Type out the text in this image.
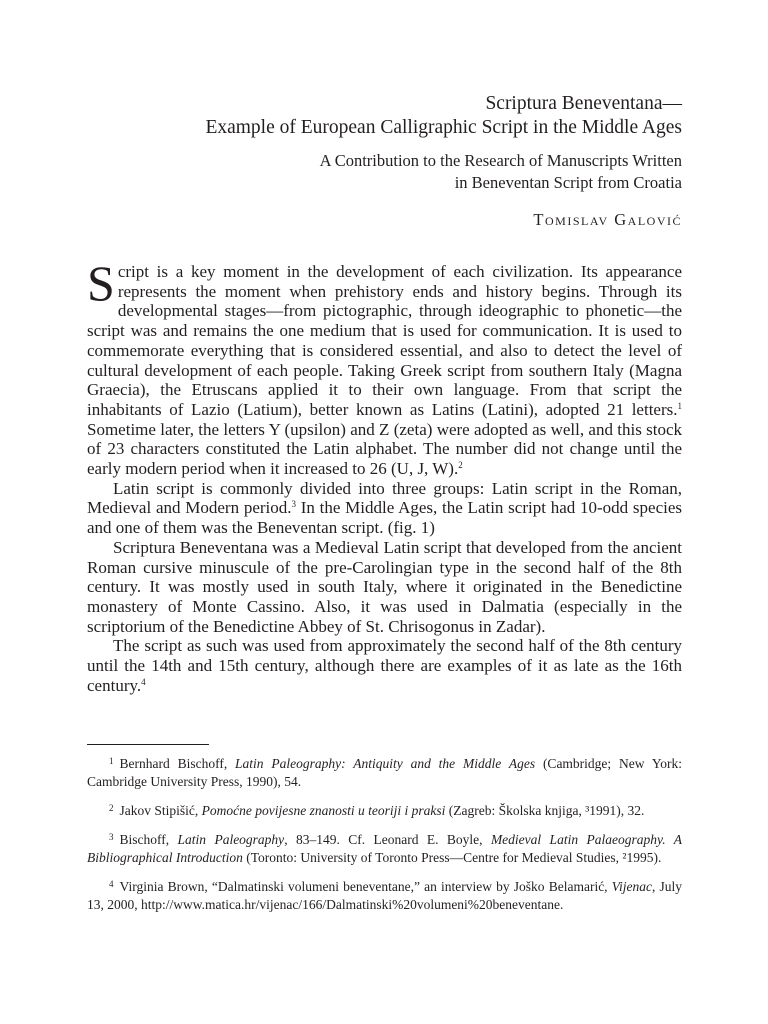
Scriptura Beneventana—
Example of European Calligraphic Script in the Middle Ages
A Contribution to the Research of Manuscripts Written
in Beneventan Script from Croatia
Tomislav Galović

Script is a key moment in the development of each civilization. Its appearance represents the moment when prehistory ends and history begins. Through its developmental stages—from pictographic, through ideographic to phonetic—the script was and remains the one medium that is used for communication. It is used to commemorate everything that is considered essential, and also to detect the level of cultural development of each people. Taking Greek script from southern Italy (Magna Graecia), the Etruscans applied it to their own language. From that script the inhabitants of Lazio (Latium), better known as Latins (Latini), adopted 21 letters.$^1$ Sometime later, the letters Y (upsilon) and Z (zeta) were adopted as well, and this stock of 23 characters constituted the Latin alphabet. The number did not change until the early modern period when it increased to 26 (U, J, W).$^2$

Latin script is commonly divided into three groups: Latin script in the Roman, Medieval and Modern period.$^3$ In the Middle Ages, the Latin script had 10-odd species and one of them was the Beneventan script. (fig. 1)

Scriptura Beneventana was a Medieval Latin script that developed from the ancient Roman cursive minuscule of the pre-Carolingian type in the second half of the 8th century. It was mostly used in south Italy, where it originated in the Benedictine monastery of Monte Cassino. Also, it was used in Dalmatia (especially in the scriptorium of the Benedictine Abbey of St. Chrisogonus in Zadar).

The script as such was used from approximately the second half of the 8th century until the 14th and 15th century, although there are examples of it as late as the 16th century.$^4$

$^1$ Bernhard Bischoff, Latin Paleography: Antiquity and the Middle Ages (Cambridge; New York: Cambridge University Press, 1990), 54.

$^2$ Jakov Stipišić, Pomoćne povijesne znanosti u teoriji i praksi (Zagreb: Školska knjiga, ³1991), 32.

$^3$ Bischoff, Latin Paleography, 83–149. Cf. Leonard E. Boyle, Medieval Latin Palaeography. A Bibliographical Introduction (Toronto: University of Toronto Press—Centre for Medieval Studies, ²1995).

$^4$ Virginia Brown, “Dalmatinski volumeni beneventane,” an interview by Joško Belamarić, Vijenac, July 13, 2000, http://www.matica.hr/vijenac/166/Dalmatinski%20volumeni%20beneventane.
